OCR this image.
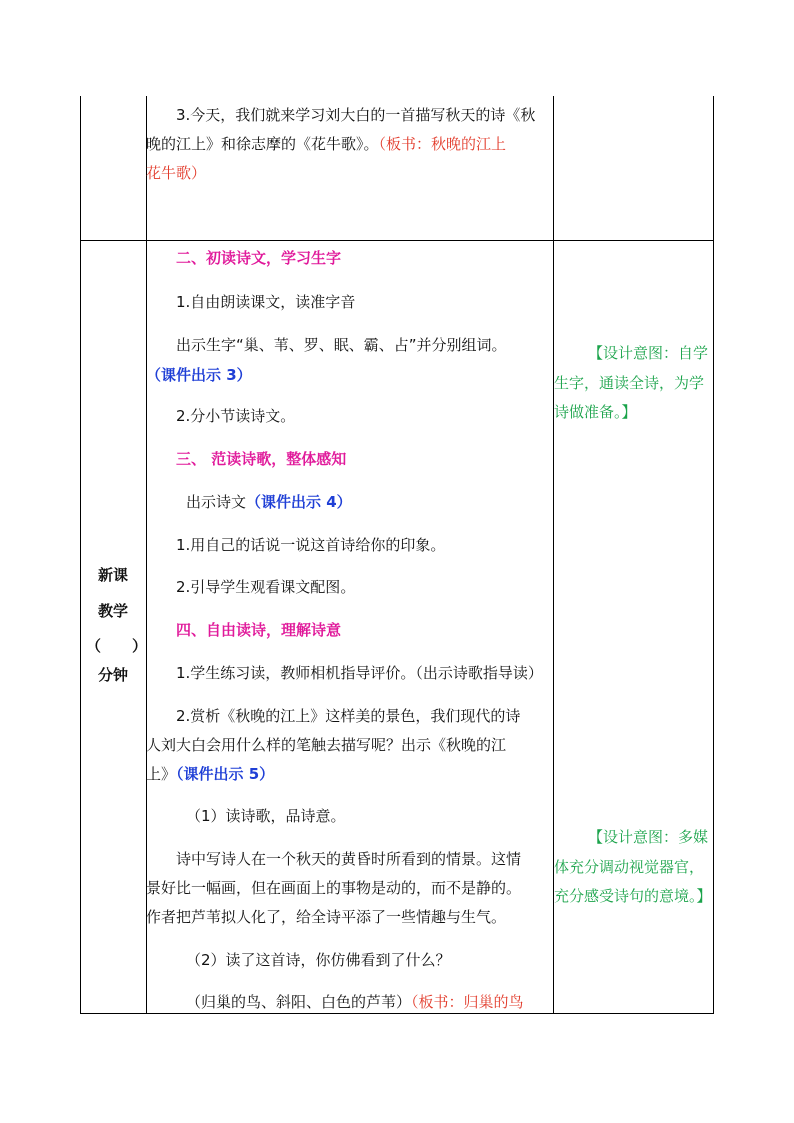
3.今天，我们就来学习刘大白的一首描写秋天的诗《秋
晚的江上》和徐志摩的《花牛歌》。（板书：秋晚的江上
花牛歌）
新课
教学
（ ）
分钟
二、初读诗文，学习生字
1.自由朗读课文，读准字音
出示生字“巢、苇、罗、眠、霸、占”并分别组词。
（课件出示 3）
2.分小节读诗文。
三、 范读诗歌，整体感知
出示诗文（课件出示 4）
1.用自己的话说一说这首诗给你的印象。
2.引导学生观看课文配图。
四、自由读诗，理解诗意
1.学生练习读，教师相机指导评价。（出示诗歌指导读）
2.赏析《秋晚的江上》这样美的景色，我们现代的诗
人刘大白会用什么样的笔触去描写呢？出示《秋晚的江
上》（课件出示 5）
（1）读诗歌，品诗意。
诗中写诗人在一个秋天的黄昏时所看到的情景。这情
景好比一幅画，但在画面上的事物是动的，而不是静的。
作者把芦苇拟人化了，给全诗平添了一些情趣与生气。
（2）读了这首诗，你仿佛看到了什么？
（归巢的鸟、斜阳、白色的芦苇）（板书：归巢的鸟
【设计意图：自学
生字，通读全诗，为学
诗做准备。】
【设计意图：多媒
体充分调动视觉器官，
充分感受诗句的意境。】
